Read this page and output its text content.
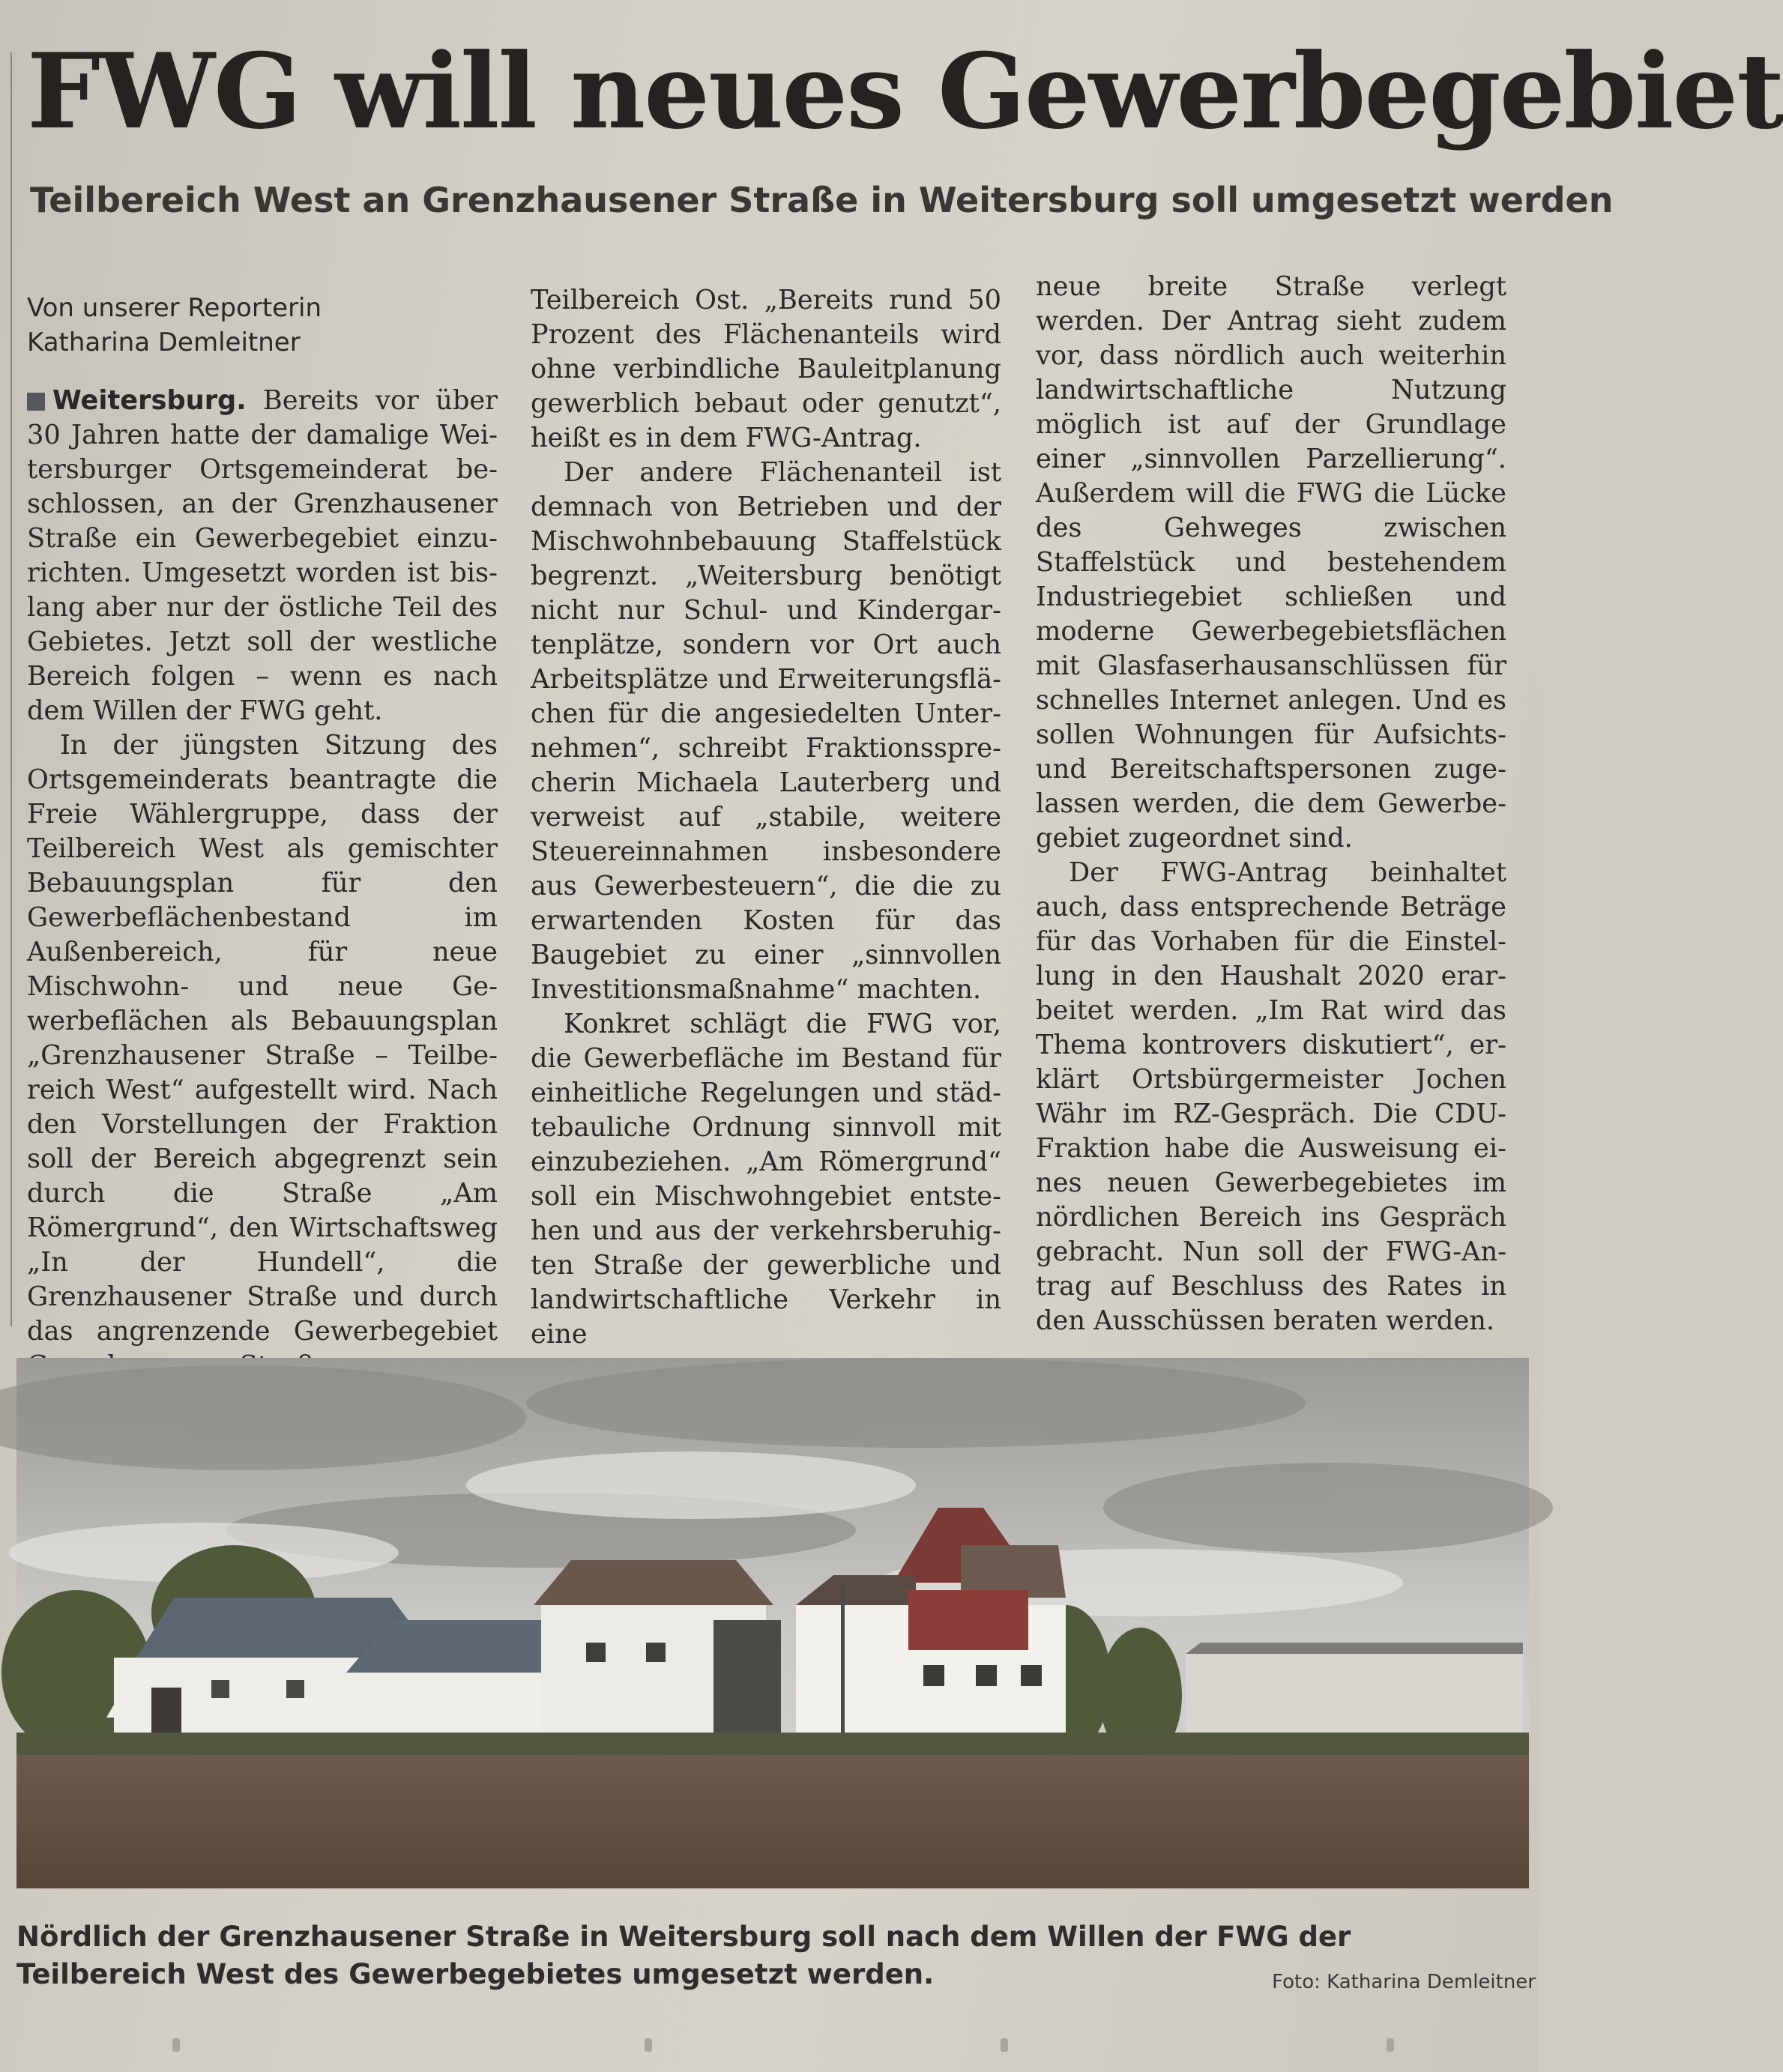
FWG will neues Gewerbegebiet
Teilbereich West an Grenzhausener Straße in Weitersburg soll umgesetzt werden
Von unserer Reporterin
Katharina Demleitner

Weitersburg. Bereits vor über 30 Jahren hatte der damalige Weitersburger Ortsgemeinderat beschlossen, an der Grenzhausener Straße ein Gewerbegebiet einzurichten. Umgesetzt worden ist bislang aber nur der östliche Teil des Gebietes. Jetzt soll der westliche Bereich folgen – wenn es nach dem Willen der FWG geht.

In der jüngsten Sitzung des Ortsgemeinderats beantragte die Freie Wählergruppe, dass der Teilbereich West als gemischter Bebauungsplan für den Gewerbeflächenbestand im Außenbereich, für neue Mischwohn- und neue Gewerbeflächen als Bebauungsplan „Grenzhausener Straße – Teilbereich West“ aufgestellt wird. Nach den Vorstellungen der Fraktion soll der Bereich abgegrenzt sein durch die Straße „Am Römergrund“, den Wirtschaftsweg „In der Hundell“, die Grenzhausener Straße und durch das angrenzende Gewerbegebiet

Teilbereich Ost. „Bereits rund 50 Prozent des Flächenanteils wird ohne verbindliche Bauleitplanung gewerblich bebaut oder genutzt“, heißt es in dem FWG-Antrag.

Der andere Flächenanteil ist demnach von Betrieben und der Mischwohnbebauung Staffelstück begrenzt. „Weitersburg benötigt nicht nur Schul- und Kindergartenplätze, sondern vor Ort auch Arbeitsplätze und Erweiterungsflächen für die angesiedelten Unternehmen“, schreibt Fraktionssprecherin Michaela Lauterberg und verweist auf „stabile, weitere Steuereinnahmen insbesondere aus Gewerbesteuern“, die die zu erwartenden Kosten für das Baugebiet zu einer „sinnvollen Investitionsmaßnahme“ machten.

Konkret schlägt die FWG vor, die Gewerbefläche im Bestand für einheitliche Regelungen und städtebauliche Ordnung sinnvoll mit einzubeziehen. „Am Römergrund“ soll ein Mischwohngebiet entstehen und aus der verkehrsberuhigten Straße der gewerbliche und landwirtschaftliche Verkehr in eine

neue breite Straße verlegt werden. Der Antrag sieht zudem vor, dass nördlich auch weiterhin landwirtschaftliche Nutzung möglich ist auf der Grundlage einer „sinnvollen Parzellierung“. Außerdem will die FWG die Lücke des Gehweges zwischen Staffelstück und bestehendem Industriegebiet schließen und moderne Gewerbegebietsflächen mit Glasfaserhausanschlüssen für schnelles Internet anlegen. Und es sollen Wohnungen für Aufsichts- und Bereitschaftspersonen zugelassen werden, die dem Gewerbegebiet zugeordnet sind.

Der FWG-Antrag beinhaltet auch, dass entsprechende Beträge für das Vorhaben für die Einstellung in den Haushalt 2020 erarbeitet werden. „Im Rat wird das Thema kontrovers diskutiert“, erklärt Ortsbürgermeister Jochen Währ im RZ-Gespräch. Die CDU-Fraktion habe die Ausweisung eines neuen Gewerbegebietes im nördlichen Bereich ins Gespräch gebracht. Nun soll der FWG-Antrag auf Beschluss des Rates in den Ausschüssen beraten werden.

Nördlich der Grenzhausener Straße in Weitersburg soll nach dem Willen der FWG der Teilbereich West des Gewerbegebietes umgesetzt werden.	Foto: Katharina Demleitner
